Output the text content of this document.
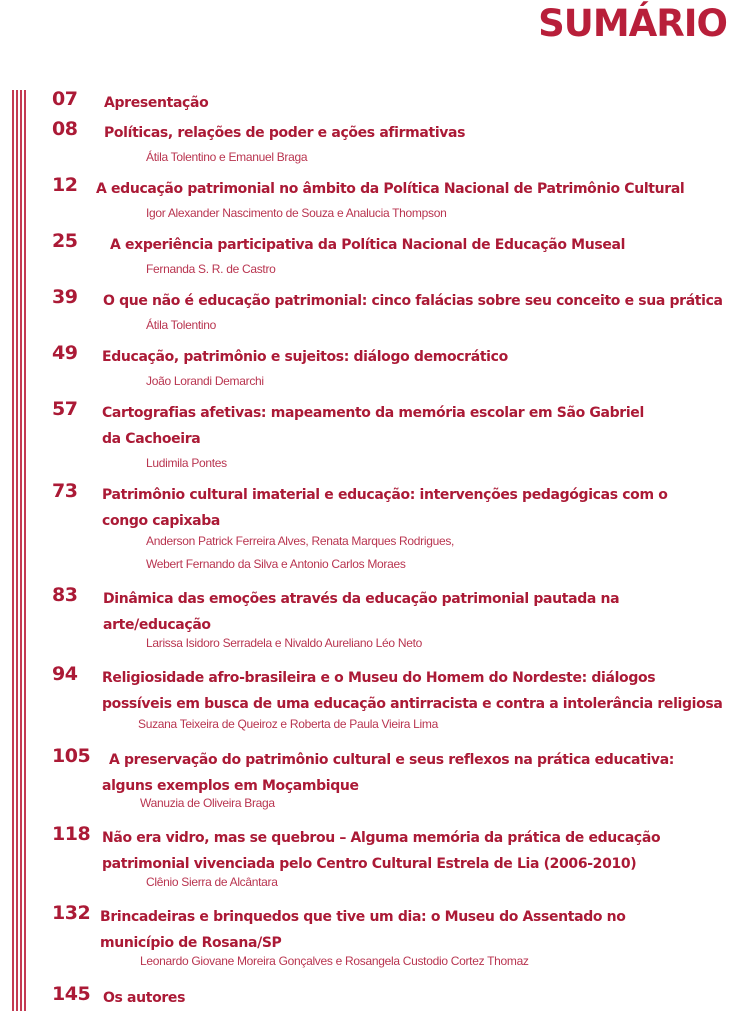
SUMÁRIO
07 Apresentação
08 Políticas, relações de poder e ações afirmativas
Átila Tolentino e Emanuel Braga
12 A educação patrimonial no âmbito da Política Nacional de Patrimônio Cultural
Igor Alexander Nascimento de Souza e Analucia Thompson
25 A experiência participativa da Política Nacional de Educação Museal
Fernanda S. R. de Castro
39 O que não é educação patrimonial: cinco falácias sobre seu conceito e sua prática
Átila Tolentino
49 Educação, patrimônio e sujeitos: diálogo democrático
João Lorandi Demarchi
57 Cartografias afetivas: mapeamento da memória escolar em São Gabriel
da Cachoeira
Ludimila Pontes
73 Patrimônio cultural imaterial e educação: intervenções pedagógicas com o
congo capixaba
Anderson Patrick Ferreira Alves, Renata Marques Rodrigues,
Webert Fernando da Silva e Antonio Carlos Moraes
83 Dinâmica das emoções através da educação patrimonial pautada na
arte/educação
Larissa Isidoro Serradela e Nivaldo Aureliano Léo Neto
94 Religiosidade afro-brasileira e o Museu do Homem do Nordeste: diálogos
possíveis em busca de uma educação antirracista e contra a intolerância religiosa
Suzana Teixeira de Queiroz e Roberta de Paula Vieira Lima
105	A preservação do patrimônio cultural e seus reflexos na prática educativa:
alguns exemplos em Moçambique
Wanuzia de Oliveira Braga
118 Não era vidro, mas se quebrou – Alguma memória da prática de educação
patrimonial vivenciada pelo Centro Cultural Estrela de Lia (2006-2010)
Clênio Sierra de Alcântara
132 Brincadeiras e brinquedos que tive um dia: o Museu do Assentado no
município de Rosana/SP
Leonardo Giovane Moreira Gonçalves e Rosangela Custodio Cortez Thomaz
145 Os autores
